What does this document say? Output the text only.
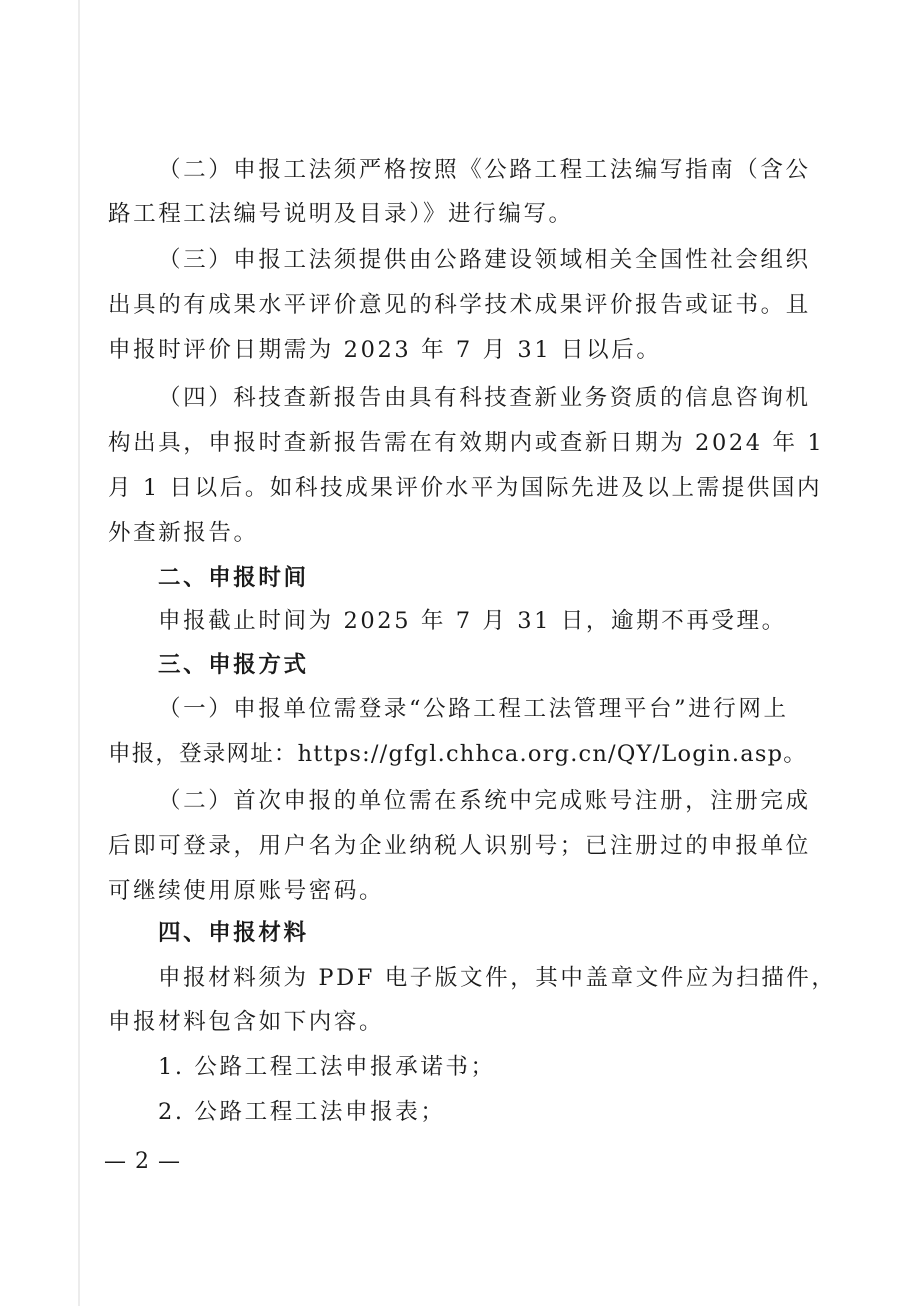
（二）申报工法须严格按照《公路工程工法编写指南（含公
路工程工法编号说明及目录）》进行编写。
（三）申报工法须提供由公路建设领域相关全国性社会组织
出具的有成果水平评价意见的科学技术成果评价报告或证书。且
申报时评价日期需为 2023 年 7 月 31 日以后。
（四）科技查新报告由具有科技查新业务资质的信息咨询机
构出具，申报时查新报告需在有效期内或查新日期为 2024 年 1
月 1 日以后。如科技成果评价水平为国际先进及以上需提供国内
外查新报告。
二、申报时间
申报截止时间为 2025 年 7 月 31 日，逾期不再受理。
三、申报方式
（一）申报单位需登录“公路工程工法管理平台”进行网上
申报，登录网址：https://gfgl.chhca.org.cn/QY/Login.asp。
（二）首次申报的单位需在系统中完成账号注册，注册完成
后即可登录，用户名为企业纳税人识别号；已注册过的申报单位
可继续使用原账号密码。
四、申报材料
申报材料须为 PDF 电子版文件，其中盖章文件应为扫描件，
申报材料包含如下内容。
1. 公路工程工法申报承诺书；
2. 公路工程工法申报表；
— 2 —
